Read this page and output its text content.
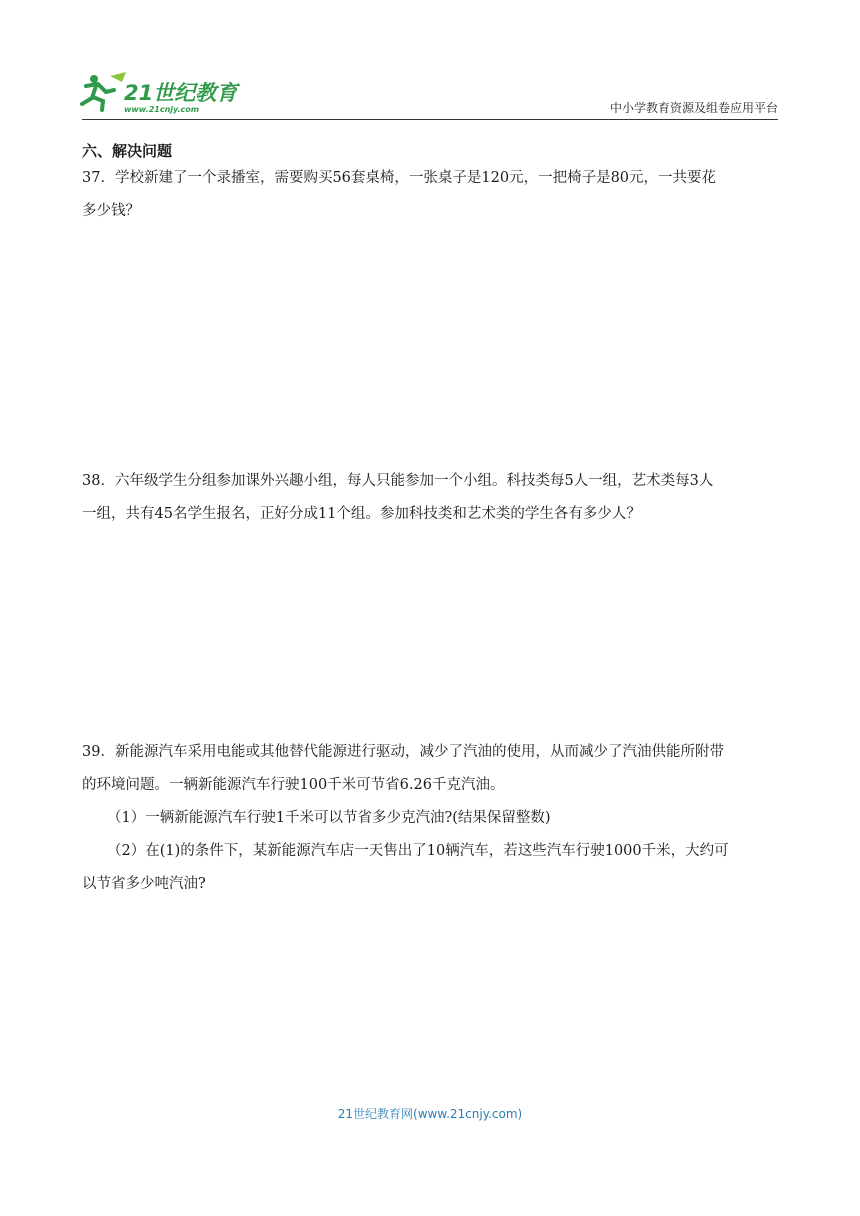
21世纪教育
www.21cnjy.com	中小学教育资源及组卷应用平台
六、解决问题
37．学校新建了一个录播室，需要购买56套桌椅，一张桌子是120元，一把椅子是80元，一共要花
多少钱？
38．六年级学生分组参加课外兴趣小组，每人只能参加一个小组。科技类每5人一组，艺术类每3人
一组，共有45名学生报名，正好分成11个组。参加科技类和艺术类的学生各有多少人？
39．新能源汽车采用电能或其他替代能源进行驱动，减少了汽油的使用，从而减少了汽油供能所附带
的环境问题。一辆新能源汽车行驶100千米可节省6.26千克汽油。
（1）一辆新能源汽车行驶1千米可以节省多少克汽油?(结果保留整数)
（2）在(1)的条件下，某新能源汽车店一天售出了10辆汽车，若这些汽车行驶1000千米，大约可
以节省多少吨汽油?
21世纪教育网(www.21cnjy.com)
